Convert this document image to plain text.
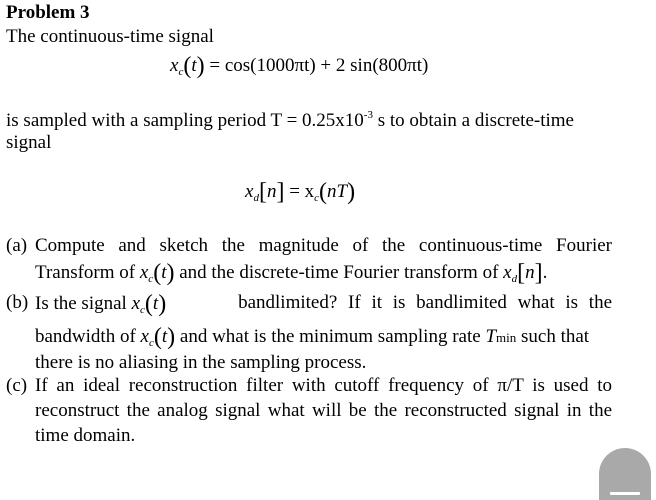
Problem 3
The continuous-time signal
$x_c(t) = \cos(1000\pi t) + 2$ sin(800πt)
is sampled with a sampling period $T = 0.25x10^{-3}$ s to obtain a discrete-time
signal
$x_d[n] = x_c(nT)$
(a) Compute and sketch the magnitude of the continuous-time Fourier
Transform of $x_c(t)$ and the discrete-time Fourier transform of $x_d[n]$.
(b) Is the signal $x_c(t)$	bandlimited? If it is bandlimited what is the
bandwidth of $x_c(t)$ and what is the minimum sampling rate Tmin such that
there is no aliasing in the sampling process.
(c) If an ideal reconstruction filter with cutoff frequency of π/T is used to
reconstruct the analog signal what will be the reconstructed signal in the
time domain.
